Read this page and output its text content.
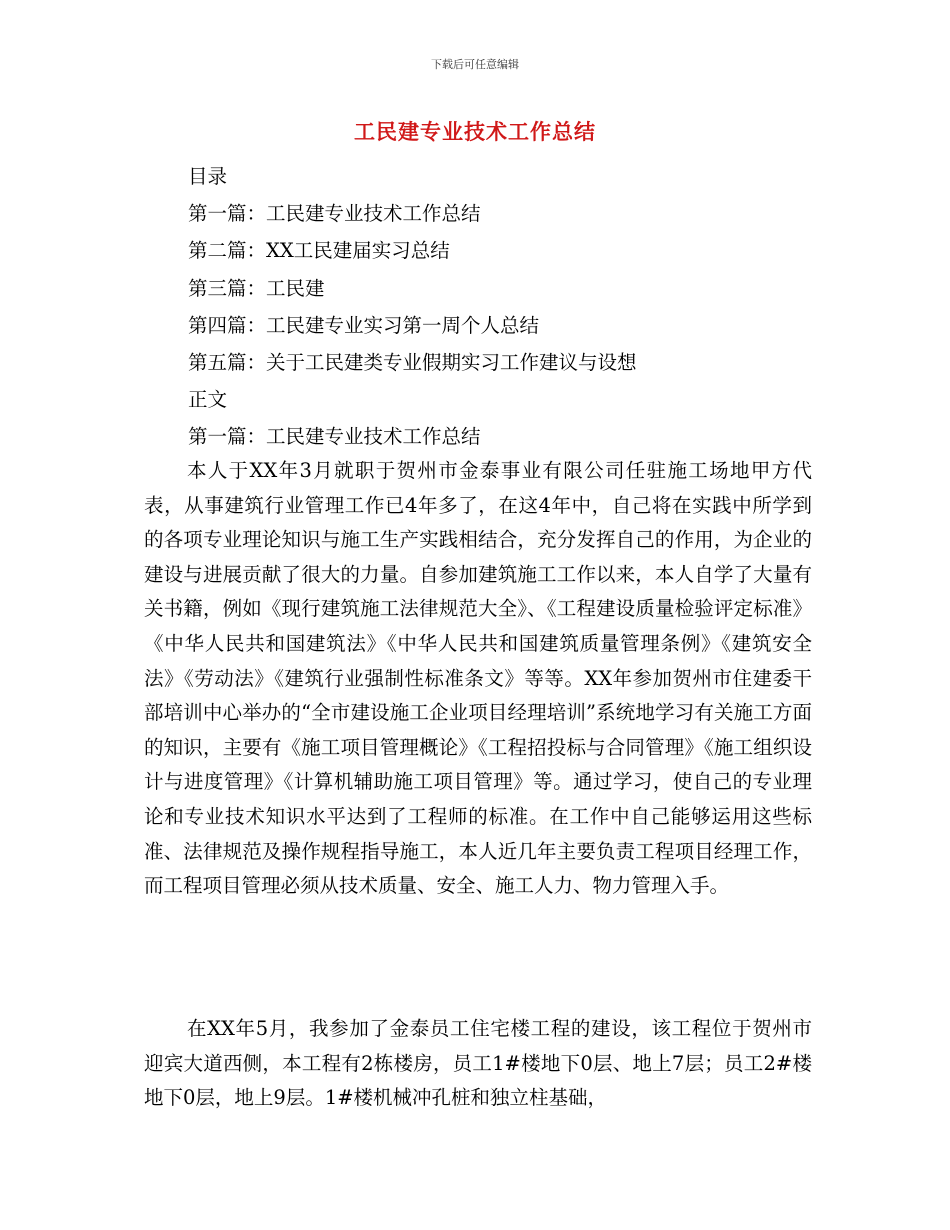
下载后可任意编辑
工民建专业技术工作总结
目录
第一篇：工民建专业技术工作总结
第二篇：XX工民建届实习总结
第三篇：工民建
第四篇：工民建专业实习第一周个人总结
第五篇：关于工民建类专业假期实习工作建议与设想
正文
第一篇：工民建专业技术工作总结
本人于XX年3月就职于贺州市金泰事业有限公司任驻施工场地甲方代表，从事建筑行业管理工作已4年多了，在这4年中，自己将在实践中所学到的各项专业理论知识与施工生产实践相结合，充分发挥自己的作用，为企业的建设与进展贡献了很大的力量。自参加建筑施工工作以来，本人自学了大量有关书籍，例如《现行建筑施工法律规范大全》、《工程建设质量检验评定标准》《中华人民共和国建筑法》《中华人民共和国建筑质量管理条例》《建筑安全法》《劳动法》《建筑行业强制性标准条文》等等。XX年参加贺州市住建委干部培训中心举办的“全市建设施工企业项目经理培训”系统地学习有关施工方面的知识，主要有《施工项目管理概论》《工程招投标与合同管理》《施工组织设计与进度管理》《计算机辅助施工项目管理》等。通过学习，使自己的专业理论和专业技术知识水平达到了工程师的标准。在工作中自己能够运用这些标准、法律规范及操作规程指导施工，本人近几年主要负责工程项目经理工作，而工程项目管理必须从技术质量、安全、施工人力、物力管理入手。
在XX年5月，我参加了金泰员工住宅楼工程的建设，该工程位于贺州市迎宾大道西侧，本工程有2栋楼房，员工1#楼地下0层、地上7层；员工2#楼地下0层，地上9层。1#楼机械冲孔桩和独立柱基础，
